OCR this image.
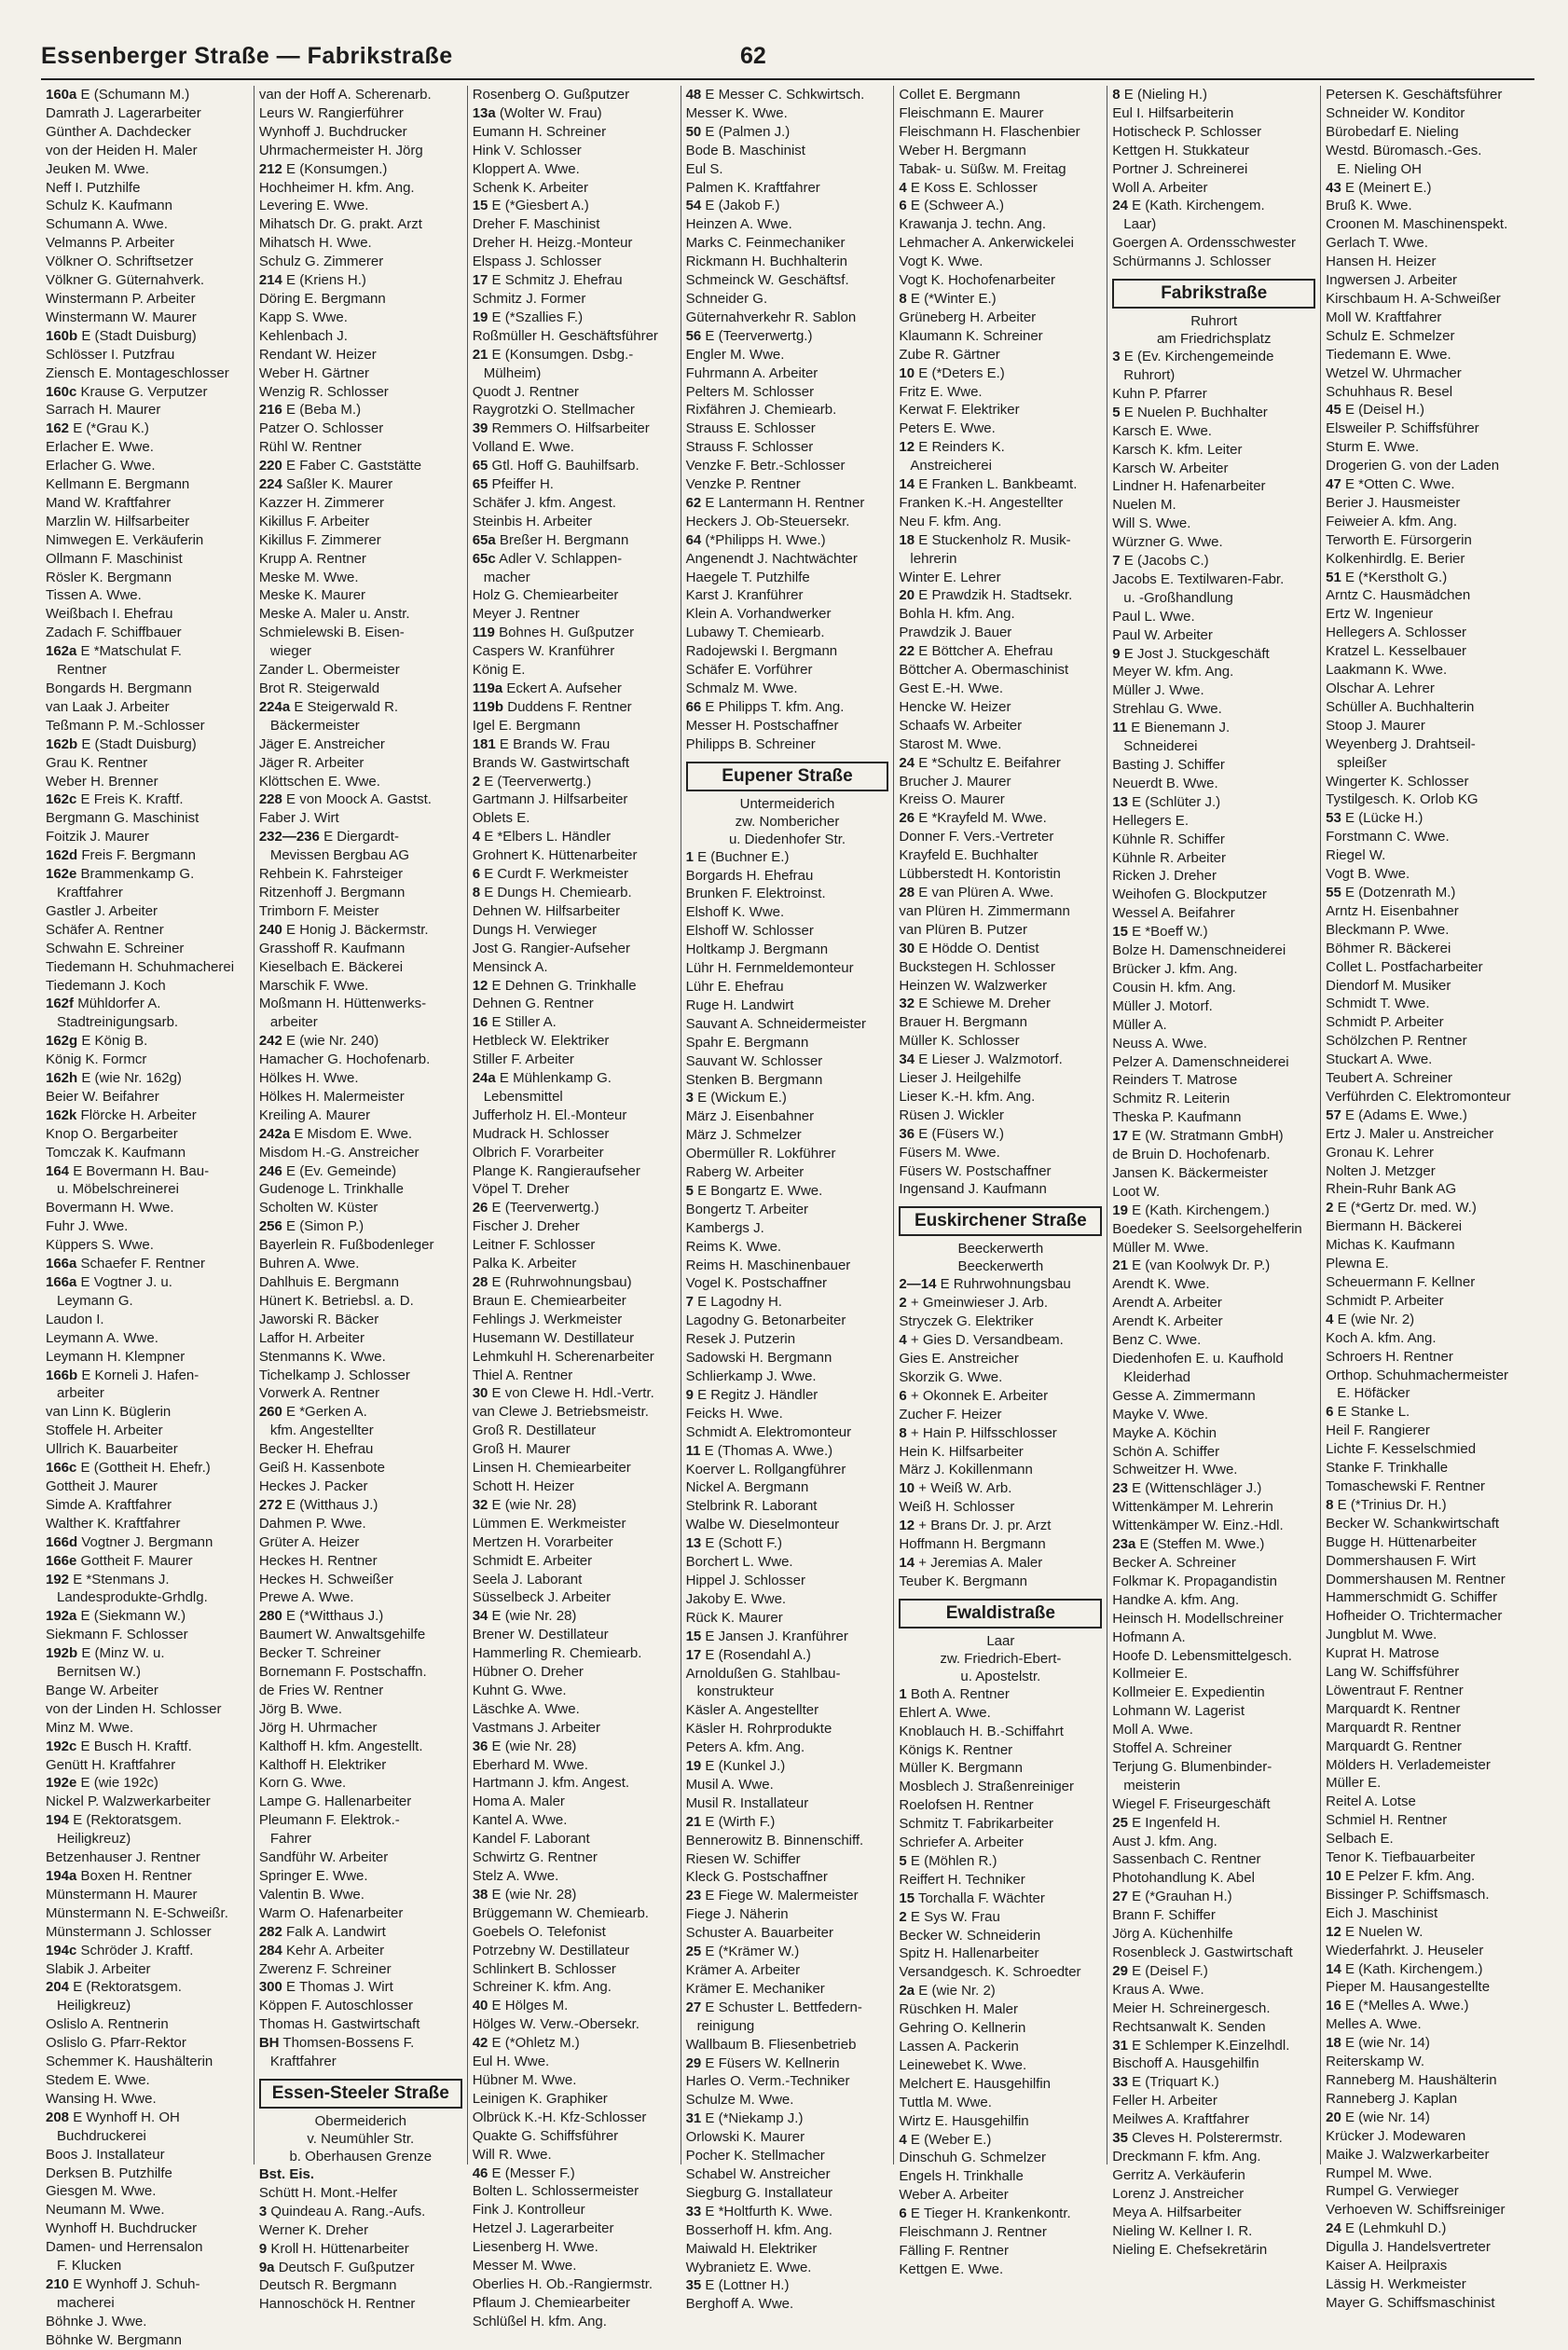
Essenberger Straße — Fabrikstraße	62
160a E (Schumann M.)
Damrath J. Lagerarbeiter
Günther A. Dachdecker
von der Heiden H. Maler
Jeuken M. Wwe.
Neff I. Putzhilfe
Schulz K. Kaufmann
Schumann A. Wwe.
Velmanns P. Arbeiter
Völkner O. Schriftsetzer
Völkner G. Güternahverk.
Winstermann P. Arbeiter
Winstermann W. Maurer
160b E (Stadt Duisburg)
Schlösser I. Putzfrau
Ziensch E. Montageschlosser
160c Krause G. Verputzer
Sarrach H. Maurer
162 E (*Grau K.)
Erlacher E. Wwe.
Erlacher G. Wwe.
Kellmann E. Bergmann
Mand W. Kraftfahrer
Marzlin W. Hilfsarbeiter
Nimwegen E. Verkäuferin
Ollmann F. Maschinist
Rösler K. Bergmann
Tissen A. Wwe.
Weißbach I. Ehefrau
Zadach F. Schiffbauer
162a E *Matschulat F.
Rentner
Bongards H. Bergmann
van Laak J. Arbeiter
Teßmann P. M.-Schlosser
162b E (Stadt Duisburg)
Grau K. Rentner
Weber H. Brenner
162c E Freis K. Kraftf.
Bergmann G. Maschinist
Foitzik J. Maurer
162d Freis F. Bergmann
162e Brammenkamp G.
Kraftfahrer
Gastler J. Arbeiter
Schäfer A. Rentner
Schwahn E. Schreiner
Tiedemann H. Schuhmacherei
Tiedemann J. Koch
162f Mühldorfer A.
Stadtreinigungsarb.
162g E König B.
König K. Formcr
162h E (wie Nr. 162g)
Beier W. Beifahrer
162k Flörcke H. Arbeiter
Knop O. Bergarbeiter
Tomczak K. Kaufmann
164 E Bovermann H. Bau-
u. Möbelschreinerei
Bovermann H. Wwe.
Fuhr J. Wwe.
Küppers S. Wwe.
166a Schaefer F. Rentner
166a E Vogtner J. u.
Leymann G.
Laudon I.
Leymann A. Wwe.
Leymann H. Klempner
166b E Korneli J. Hafen-
arbeiter
van Linn K. Büglerin
Stoffele H. Arbeiter
Ullrich K. Bauarbeiter
166c E (Gottheit H. Ehefr.)
Gottheit J. Maurer
Simde A. Kraftfahrer
Walther K. Kraftfahrer
166d Vogtner J. Bergmann
166e Gottheit F. Maurer
192 E *Stenmans J.
Landesprodukte-Grhdlg.
192a E (Siekmann W.)
Siekmann F. Schlosser
192b E (Minz W. u.
Bernitsen W.)
Bange W. Arbeiter
von der Linden H. Schlosser
Minz M. Wwe.
192c E Busch H. Kraftf.
Genütt H. Kraftfahrer
192e E (wie 192c)
Nickel P. Walzwerkarbeiter
194 E (Rektoratsgem.
Heiligkreuz)
Betzenhauser J. Rentner
194a Boxen H. Rentner
Münstermann H. Maurer
Münstermann N. E-Schweißr.
Münstermann J. Schlosser
194c Schröder J. Kraftf.
Slabik J. Arbeiter
204 E (Rektoratsgem.
Heiligkreuz)
Oslislo A. Rentnerin
Oslislo G. Pfarr-Rektor
Schemmer K. Haushälterin
Stedem E. Wwe.
Wansing H. Wwe.
208 E Wynhoff H. OH
Buchdruckerei
Boos J. Installateur
Derksen B. Putzhilfe
Giesgen M. Wwe.
Neumann M. Wwe.
Wynhoff H. Buchdrucker
Damen- und Herrensalon
F. Klucken
210 E Wynhoff J. Schuh-
macherei
Böhnke J. Wwe.
Böhnke W. Bergmann
van der Hoff A. Scherenarb.
Leurs W. Rangierführer
Wynhoff J. Buchdrucker
Uhrmachermeister H. Jörg
212 E (Konsumgen.)
Hochheimer H. kfm. Ang.
Levering E. Wwe.
Mihatsch Dr. G. prakt. Arzt
Mihatsch H. Wwe.
Schulz G. Zimmerer
214 E (Kriens H.)
Döring E. Bergmann
Kapp S. Wwe.
Kehlenbach J.
Rendant W. Heizer
Weber H. Gärtner
Wenzig R. Schlosser
216 E (Beba M.)
Patzer O. Schlosser
Rühl W. Rentner
220 E Faber C. Gaststätte
224 Saßler K. Maurer
Kazzer H. Zimmerer
Kikillus F. Arbeiter
Kikillus F. Zimmerer
Krupp A. Rentner
Meske M. Wwe.
Meske K. Maurer
Meske A. Maler u. Anstr.
Schmielewski B. Eisen-
wieger
Zander L. Obermeister
Brot R. Steigerwald
224a E Steigerwald R.
Bäckermeister
Jäger E. Anstreicher
Jäger R. Arbeiter
Klöttschen E. Wwe.
228 E von Moock A. Gastst.
Faber J. Wirt
232—236 E Diergardt-
Mevissen Bergbau AG
Rehbein K. Fahrsteiger
Ritzenhoff J. Bergmann
Trimborn F. Meister
240 E Honig J. Bäckermstr.
Grasshoff R. Kaufmann
Kieselbach E. Bäckerei
Marschik F. Wwe.
Moßmann H. Hüttenwerks-
arbeiter
242 E (wie Nr. 240)
Hamacher G. Hochofenarb.
Hölkes H. Wwe.
Hölkes H. Malermeister
Kreiling A. Maurer
242a E Misdom E. Wwe.
Misdom H.-G. Anstreicher
246 E (Ev. Gemeinde)
Gudenoge L. Trinkhalle
Scholten W. Küster
256 E (Simon P.)
Bayerlein R. Fußbodenleger
Buhren A. Wwe.
Dahlhuis E. Bergmann
Hünert K. Betriebsl. a. D.
Jaworski R. Bäcker
Laffor H. Arbeiter
Stenmanns K. Wwe.
Tichelkamp J. Schlosser
Vorwerk A. Rentner
260 E *Gerken A.
kfm. Angestellter
Becker H. Ehefrau
Geiß H. Kassenbote
Heckes J. Packer
272 E (Witthaus J.)
Dahmen P. Wwe.
Grüter A. Heizer
Heckes H. Rentner
Heckes H. Schweißer
Prewe A. Wwe.
280 E (*Witthaus J.)
Baumert W. Anwaltsgehilfe
Becker T. Schreiner
Bornemann F. Postschaffn.
de Fries W. Rentner
Jörg B. Wwe.
Jörg H. Uhrmacher
Kalthoff H. kfm. Angestellt.
Kalthoff H. Elektriker
Korn G. Wwe.
Lampe G. Hallenarbeiter
Pleumann F. Elektrok.-
Fahrer
Sandführ W. Arbeiter
Springer E. Wwe.
Valentin B. Wwe.
Warm O. Hafenarbeiter
282 Falk A. Landwirt
284 Kehr A. Arbeiter
Zwerenz F. Schreiner
300 E Thomas J. Wirt
Köppen F. Autoschlosser
Thomas H. Gastwirtschaft
BH Thomsen-Bossens F.
Kraftfahrer
Essen-Steeler Straße
Obermeiderich
v. Neumühler Str.
b. Oberhausen Grenze
Bst. Eis.
Schütt H. Mont.-Helfer
3 Quindeau A. Rang.-Aufs.
Werner K. Dreher
9 Kroll H. Hüttenarbeiter
9a Deutsch F. Gußputzer
Deutsch R. Bergmann
Hannoschöck H. Rentner
Rosenberg O. Gußputzer
13a (Wolter W. Frau)
Eumann H. Schreiner
Hink V. Schlosser
Kloppert A. Wwe.
Schenk K. Arbeiter
15 E (*Giesbert A.)
Dreher F. Maschinist
Dreher H. Heizg.-Monteur
Elspass J. Schlosser
17 E Schmitz J. Ehefrau
Schmitz J. Former
19 E (*Szallies F.)
Roßmüller H. Geschäftsführer
21 E (Konsumgen. Dsbg.-
Mülheim)
Quodt J. Rentner
Raygrotzki O. Stellmacher
39 Remmers O. Hilfsarbeiter
Volland E. Wwe.
65 Gtl. Hoff G. Bauhilfsarb.
65 Pfeiffer H.
Schäfer J. kfm. Angest.
Steinbis H. Arbeiter
65a Breßer H. Bergmann
65c Adler V. Schlappen-
macher
Holz G. Chemiearbeiter
Meyer J. Rentner
119 Bohnes H. Gußputzer
Caspers W. Kranführer
König E.
119a Eckert A. Aufseher
119b Duddens F. Rentner
Igel E. Bergmann
181 E Brands W. Frau
Brands W. Gastwirtschaft
2 E (Teerverwertg.)
Gartmann J. Hilfsarbeiter
Oblets E.
4 E *Elbers L. Händler
Grohnert K. Hüttenarbeiter
6 E Curdt F. Werkmeister
8 E Dungs H. Chemiearb.
Dehnen W. Hilfsarbeiter
Dungs H. Verwieger
Jost G. Rangier-Aufseher
Mensinck A.
12 E Dehnen G. Trinkhalle
Dehnen G. Rentner
16 E Stiller A.
Hetbleck W. Elektriker
Stiller F. Arbeiter
24a E Mühlenkamp G.
Lebensmittel
Jufferholz H. El.-Monteur
Mudrack H. Schlosser
Olbrich F. Vorarbeiter
Plange K. Rangieraufseher
Vöpel T. Dreher
26 E (Teerverwertg.)
Fischer J. Dreher
Leitner F. Schlosser
Palka K. Arbeiter
28 E (Ruhrwohnungsbau)
Braun E. Chemiearbeiter
Fehlings J. Werkmeister
Husemann W. Destillateur
Lehmkuhl H. Scherenarbeiter
Thiel A. Rentner
30 E von Clewe H. Hdl.-Vertr.
van Clewe J. Betriebsmeistr.
Groß R. Destillateur
Groß H. Maurer
Linsen H. Chemiearbeiter
Schott H. Heizer
32 E (wie Nr. 28)
Lümmen E. Werkmeister
Mertzen H. Vorarbeiter
Schmidt E. Arbeiter
Seela J. Laborant
Süsselbeck J. Arbeiter
34 E (wie Nr. 28)
Brener W. Destillateur
Hammerling R. Chemiearb.
Hübner O. Dreher
Kuhnt G. Wwe.
Läschke A. Wwe.
Vastmans J. Arbeiter
36 E (wie Nr. 28)
Eberhard M. Wwe.
Hartmann J. kfm. Angest.
Homa A. Maler
Kantel A. Wwe.
Kandel F. Laborant
Schwirtz G. Rentner
Stelz A. Wwe.
38 E (wie Nr. 28)
Brüggemann W. Chemiearb.
Goebels O. Telefonist
Potrzebny W. Destillateur
Schlinkert B. Schlosser
Schreiner K. kfm. Ang.
40 E Hölges M.
Hölges W. Verw.-Obersekr.
42 E (*Ohletz M.)
Eul H. Wwe.
Hübner M. Wwe.
Leinigen K. Graphiker
Olbrück K.-H. Kfz-Schlosser
Quakte G. Schiffsführer
Will R. Wwe.
46 E (Messer F.)
Bolten L. Schlossermeister
Fink J. Kontrolleur
Hetzel J. Lagerarbeiter
Liesenberg H. Wwe.
Messer M. Wwe.
Oberlies H. Ob.-Rangiermstr.
Pflaum J. Chemiearbeiter
Schlüßel H. kfm. Ang.
48 E Messer C. Schkwirtsch.
Messer K. Wwe.
50 E (Palmen J.)
Bode B. Maschinist
Eul S.
Palmen K. Kraftfahrer
54 E (Jakob F.)
Heinzen A. Wwe.
Marks C. Feinmechaniker
Rickmann H. Buchhalterin
Schmeinck W. Geschäftsf.
Schneider G.
Güternahverkehr R. Sablon
56 E (Teerverwertg.)
Engler M. Wwe.
Fuhrmann A. Arbeiter
Pelters M. Schlosser
Rixfähren J. Chemiearb.
Strauss E. Schlosser
Strauss F. Schlosser
Venzke F. Betr.-Schlosser
Venzke P. Rentner
62 E Lantermann H. Rentner
Heckers J. Ob-Steuersekr.
64 (*Philipps H. Wwe.)
Angenendt J. Nachtwächter
Haegele T. Putzhilfe
Karst J. Kranführer
Klein A. Vorhandwerker
Lubawy T. Chemiearb.
Radojewski I. Bergmann
Schäfer E. Vorführer
Schmalz M. Wwe.
66 E Philipps T. kfm. Ang.
Messer H. Postschaffner
Philipps B. Schreiner
Eupener Straße
Untermeiderich
zw. Nombericher
u. Diedenhofer Str.
1 E (Buchner E.)
Borgards H. Ehefrau
Brunken F. Elektroinst.
Elshoff K. Wwe.
Elshoff W. Schlosser
Holtkamp J. Bergmann
Lühr H. Fernmeldemonteur
Lühr E. Ehefrau
Ruge H. Landwirt
Sauvant A. Schneidermeister
Spahr E. Bergmann
Sauvant W. Schlosser
Stenken B. Bergmann
3 E (Wickum E.)
März J. Eisenbahner
März J. Schmelzer
Obermüller R. Lokführer
Raberg W. Arbeiter
5 E Bongartz E. Wwe.
Bongertz T. Arbeiter
Kambergs J.
Reims K. Wwe.
Reims H. Maschinenbauer
Vogel K. Postschaffner
7 E Lagodny H.
Lagodny G. Betonarbeiter
Resek J. Putzerin
Sadowski H. Bergmann
Schlierkamp J. Wwe.
9 E Regitz J. Händler
Feicks H. Wwe.
Schmidt A. Elektromonteur
11 E (Thomas A. Wwe.)
Koerver L. Rollgangführer
Nickel A. Bergmann
Stelbrink R. Laborant
Walbe W. Dieselmonteur
13 E (Schott F.)
Borchert L. Wwe.
Hippel J. Schlosser
Jakoby E. Wwe.
Rück K. Maurer
15 E Jansen J. Kranführer
17 E (Rosendahl A.)
Arnoldußen G. Stahlbau-
konstrukteur
Käsler A. Angestellter
Käsler H. Rohrprodukte
Peters A. kfm. Ang.
19 E (Kunkel J.)
Musil A. Wwe.
Musil R. Installateur
21 E (Wirth F.)
Bennerowitz B. Binnenschiff.
Riesen W. Schiffer
Kleck G. Postschaffner
23 E Fiege W. Malermeister
Fiege J. Näherin
Schuster A. Bauarbeiter
25 E (*Krämer W.)
Krämer A. Arbeiter
Krämer E. Mechaniker
27 E Schuster L. Bettfedern-
reinigung
Wallbaum B. Fliesenbetrieb
29 E Füsers W. Kellnerin
Harles O. Verm.-Techniker
Schulze M. Wwe.
31 E (*Niekamp J.)
Orlowski K. Maurer
Pocher K. Stellmacher
Schabel W. Anstreicher
Siegburg G. Installateur
33 E *Holtfurth K. Wwe.
Bosserhoff H. kfm. Ang.
Maiwald H. Elektriker
Wybranietz E. Wwe.
35 E (Lottner H.)
Berghoff A. Wwe.
Collet E. Bergmann
Fleischmann E. Maurer
Fleischmann H. Flaschenbier
Weber H. Bergmann
Tabak- u. Süßw. M. Freitag
4 E Koss E. Schlosser
6 E (Schweer A.)
Krawanja J. techn. Ang.
Lehmacher A. Ankerwickelei
Vogt K. Wwe.
Vogt K. Hochofenarbeiter
8 E (*Winter E.)
Grüneberg H. Arbeiter
Klaumann K. Schreiner
Zube R. Gärtner
10 E (*Deters E.)
Fritz E. Wwe.
Kerwat F. Elektriker
Peters E. Wwe.
12 E Reinders K.
Anstreicherei
14 E Franken L. Bankbeamt.
Franken K.-H. Angestellter
Neu F. kfm. Ang.
18 E Stuckenholz R. Musik-
lehrerin
Winter E. Lehrer
20 E Prawdzik H. Stadtsekr.
Bohla H. kfm. Ang.
Prawdzik J. Bauer
22 E Böttcher A. Ehefrau
Böttcher A. Obermaschinist
Gest E.-H. Wwe.
Hencke W. Heizer
Schaafs W. Arbeiter
Starost M. Wwe.
24 E *Schultz E. Beifahrer
Brucher J. Maurer
Kreiss O. Maurer
26 E *Krayfeld M. Wwe.
Donner F. Vers.-Vertreter
Krayfeld E. Buchhalter
Lübberstedt H. Kontoristin
28 E van Plüren A. Wwe.
van Plüren H. Zimmermann
van Plüren B. Putzer
30 E Hödde O. Dentist
Buckstegen H. Schlosser
Heinzen W. Walzwerker
32 E Schiewe M. Dreher
Brauer H. Bergmann
Müller K. Schlosser
34 E Lieser J. Walzmotorf.
Lieser J. Heilgehilfe
Lieser K.-H. kfm. Ang.
Rüsen J. Wickler
36 E (Füsers W.)
Füsers M. Wwe.
Füsers W. Postschaffner
Ingensand J. Kaufmann
Euskirchener Straße
Beeckerwerth
Beeckerwerth
2—14 E Ruhrwohnungsbau
2 + Gmeinwieser J. Arb.
Stryczek G. Elektriker
4 + Gies D. Versandbeam.
Gies E. Anstreicher
Skorzik G. Wwe.
6 + Okonnek E. Arbeiter
Zucher F. Heizer
8 + Hain P. Hilfsschlosser
Hein K. Hilfsarbeiter
März J. Kokillenmann
10 + Weiß W. Arb.
Weiß H. Schlosser
12 + Brans Dr. J. pr. Arzt
Hoffmann H. Bergmann
14 + Jeremias A. Maler
Teuber K. Bergmann
Ewaldistraße
Laar
zw. Friedrich-Ebert-
u. Apostelstr.
1 Both A. Rentner
Ehlert A. Wwe.
Knoblauch H. B.-Schiffahrt
Königs K. Rentner
Müller K. Bergmann
Mosblech J. Straßenreiniger
Roelofsen H. Rentner
Schmitz T. Fabrikarbeiter
Schriefer A. Arbeiter
5 E (Möhlen R.)
Reiffert H. Techniker
15 Torchalla F. Wächter
2 E Sys W. Frau
Becker W. Schneiderin
Spitz H. Hallenarbeiter
Versandgesch. K. Schroedter
2a E (wie Nr. 2)
Rüschken H. Maler
Gehring O. Kellnerin
Lassen A. Packerin
Leinewebet K. Wwe.
Melchert E. Hausgehilfin
Tuttla M. Wwe.
Wirtz E. Hausgehilfin
4 E (Weber E.)
Dinschuh G. Schmelzer
Engels H. Trinkhalle
Weber A. Arbeiter
6 E Tieger H. Krankenkontr.
Fleischmann J. Rentner
Fälling F. Rentner
Kettgen E. Wwe.
8 E (Nieling H.)
Eul I. Hilfsarbeiterin
Hotischeck P. Schlosser
Kettgen H. Stukkateur
Portner J. Schreinerei
Woll A. Arbeiter
24 E (Kath. Kirchengem.
Laar)
Goergen A. Ordensschwester
Schürmanns J. Schlosser
Fabrikstraße
Ruhrort
am Friedrichsplatz
3 E (Ev. Kirchengemeinde
Ruhrort)
Kuhn P. Pfarrer
5 E Nuelen P. Buchhalter
Karsch E. Wwe.
Karsch K. kfm. Leiter
Karsch W. Arbeiter
Lindner H. Hafenarbeiter
Nuelen M.
Will S. Wwe.
Würzner G. Wwe.
7 E (Jacobs C.)
Jacobs E. Textilwaren-Fabr.
u. -Großhandlung
Paul L. Wwe.
Paul W. Arbeiter
9 E Jost J. Stuckgeschäft
Meyer W. kfm. Ang.
Müller J. Wwe.
Strehlau G. Wwe.
11 E Bienemann J.
Schneiderei
Basting J. Schiffer
Neuerdt B. Wwe.
13 E (Schlüter J.)
Hellegers E.
Kühnle R. Schiffer
Kühnle R. Arbeiter
Ricken J. Dreher
Weihofen G. Blockputzer
Wessel A. Beifahrer
15 E *Boeff W.)
Bolze H. Damenschneiderei
Brücker J. kfm. Ang.
Cousin H. kfm. Ang.
Müller J. Motorf.
Müller A.
Neuss A. Wwe.
Pelzer A. Damenschneiderei
Reinders T. Matrose
Schmitz R. Leiterin
Theska P. Kaufmann
17 E (W. Stratmann GmbH)
de Bruin D. Hochofenarb.
Jansen K. Bäckermeister
Loot W.
19 E (Kath. Kirchengem.)
Boedeker S. Seelsorgehelferin
Müller M. Wwe.
21 E (van Koolwyk Dr. P.)
Arendt K. Wwe.
Arendt A. Arbeiter
Arendt K. Arbeiter
Benz C. Wwe.
Diedenhofen E. u. Kaufhold
Kleiderhad
Gesse A. Zimmermann
Mayke V. Wwe.
Mayke A. Köchin
Schön A. Schiffer
Schweitzer H. Wwe.
23 E (Wittenschläger J.)
Wittenkämper M. Lehrerin
Wittenkämper W. Einz.-Hdl.
23a E (Steffen M. Wwe.)
Becker A. Schreiner
Folkmar K. Propagandistin
Handke A. kfm. Ang.
Heinsch H. Modellschreiner
Hofmann A.
Hoofe D. Lebensmittelgesch.
Kollmeier E.
Kollmeier E. Expedientin
Lohmann W. Lagerist
Moll A. Wwe.
Stoffel A. Schreiner
Terjung G. Blumenbinder-
meisterin
Wiegel F. Friseurgeschäft
25 E Ingenfeld H.
Aust J. kfm. Ang.
Sassenbach C. Rentner
Photohandlung K. Abel
27 E (*Grauhan H.)
Brann F. Schiffer
Jörg A. Küchenhilfe
Rosenbleck J. Gastwirtschaft
29 E (Deisel F.)
Kraus A. Wwe.
Meier H. Schreinergesch.
Rechtsanwalt K. Senden
31 E Schlemper K.Einzelhdl.
Bischoff A. Hausgehilfin
33 E (Triquart K.)
Feller H. Arbeiter
Meilwes A. Kraftfahrer
35 Cleves H. Polsterermstr.
Dreckmann F. kfm. Ang.
Gerritz A. Verkäuferin
Lorenz J. Anstreicher
Meya A. Hilfsarbeiter
Nieling W. Kellner I. R.
Nieling E. Chefsekretärin
Petersen K. Geschäftsführer
Schneider W. Konditor
Bürobedarf E. Nieling
Westd. Büromasch.-Ges.
E. Nieling OH
43 E (Meinert E.)
Bruß K. Wwe.
Croonen M. Maschinenspekt.
Gerlach T. Wwe.
Hansen H. Heizer
Ingwersen J. Arbeiter
Kirschbaum H. A-Schweißer
Moll W. Kraftfahrer
Schulz E. Schmelzer
Tiedemann E. Wwe.
Wetzel W. Uhrmacher
Schuhhaus R. Besel
45 E (Deisel H.)
Elsweiler P. Schiffsführer
Sturm E. Wwe.
Drogerien G. von der Laden
47 E *Otten C. Wwe.
Berier J. Hausmeister
Feiweier A. kfm. Ang.
Terworth E. Fürsorgerin
Kolkenhirdlg. E. Berier
51 E (*Kerstholt G.)
Arntz C. Hausmädchen
Ertz W. Ingenieur
Hellegers A. Schlosser
Kratzel L. Kesselbauer
Laakmann K. Wwe.
Olschar A. Lehrer
Schüller A. Buchhalterin
Stoop J. Maurer
Weyenberg J. Drahtseil-
spleißer
Wingerter K. Schlosser
Tystilgesch. K. Orlob KG
53 E (Lücke H.)
Forstmann C. Wwe.
Riegel W.
Vogt B. Wwe.
55 E (Dotzenrath M.)
Arntz H. Eisenbahner
Bleckmann P. Wwe.
Böhmer R. Bäckerei
Collet L. Postfacharbeiter
Diendorf M. Musiker
Schmidt T. Wwe.
Schmidt P. Arbeiter
Schölzchen P. Rentner
Stuckart A. Wwe.
Teubert A. Schreiner
Verführden C. Elektromonteur
57 E (Adams E. Wwe.)
Ertz J. Maler u. Anstreicher
Gronau K. Lehrer
Nolten J. Metzger
Rhein-Ruhr Bank AG
2 E (*Gertz Dr. med. W.)
Biermann H. Bäckerei
Michas K. Kaufmann
Plewna E.
Scheuermann F. Kellner
Schmidt P. Arbeiter
4 E (wie Nr. 2)
Koch A. kfm. Ang.
Schroers H. Rentner
Orthop. Schuhmachermeister
E. Höfäcker
6 E Stanke L.
Heil F. Rangierer
Lichte F. Kesselschmied
Stanke F. Trinkhalle
Tomaschewski F. Rentner
8 E (*Trinius Dr. H.)
Becker W. Schankwirtschaft
Bugge H. Hüttenarbeiter
Dommershausen F. Wirt
Dommershausen M. Rentner
Hammerschmidt G. Schiffer
Hofheider O. Trichtermacher
Jungblut M. Wwe.
Kuprat H. Matrose
Lang W. Schiffsführer
Löwentraut F. Rentner
Marquardt K. Rentner
Marquardt R. Rentner
Marquardt G. Rentner
Mölders H. Verlademeister
Müller E.
Reitel A. Lotse
Schmiel H. Rentner
Selbach E.
Tenor K. Tiefbauarbeiter
10 E Pelzer F. kfm. Ang.
Bissinger P. Schiffsmasch.
Eich J. Maschinist
12 E Nuelen W.
Wiederfahrkt. J. Heuseler
14 E (Kath. Kirchengem.)
Pieper M. Hausangestellte
16 E (*Melles A. Wwe.)
Melles A. Wwe.
18 E (wie Nr. 14)
Reiterskamp W.
Ranneberg M. Haushälterin
Ranneberg J. Kaplan
20 E (wie Nr. 14)
Krücker J. Modewaren
Maike J. Walzwerkarbeiter
Rumpel M. Wwe.
Rumpel G. Verwieger
Verhoeven W. Schiffsreiniger
24 E (Lehmkuhl D.)
Digulla J. Handelsvertreter
Kaiser A. Heilpraxis
Lässig H. Werkmeister
Mayer G. Schiffsmaschinist
